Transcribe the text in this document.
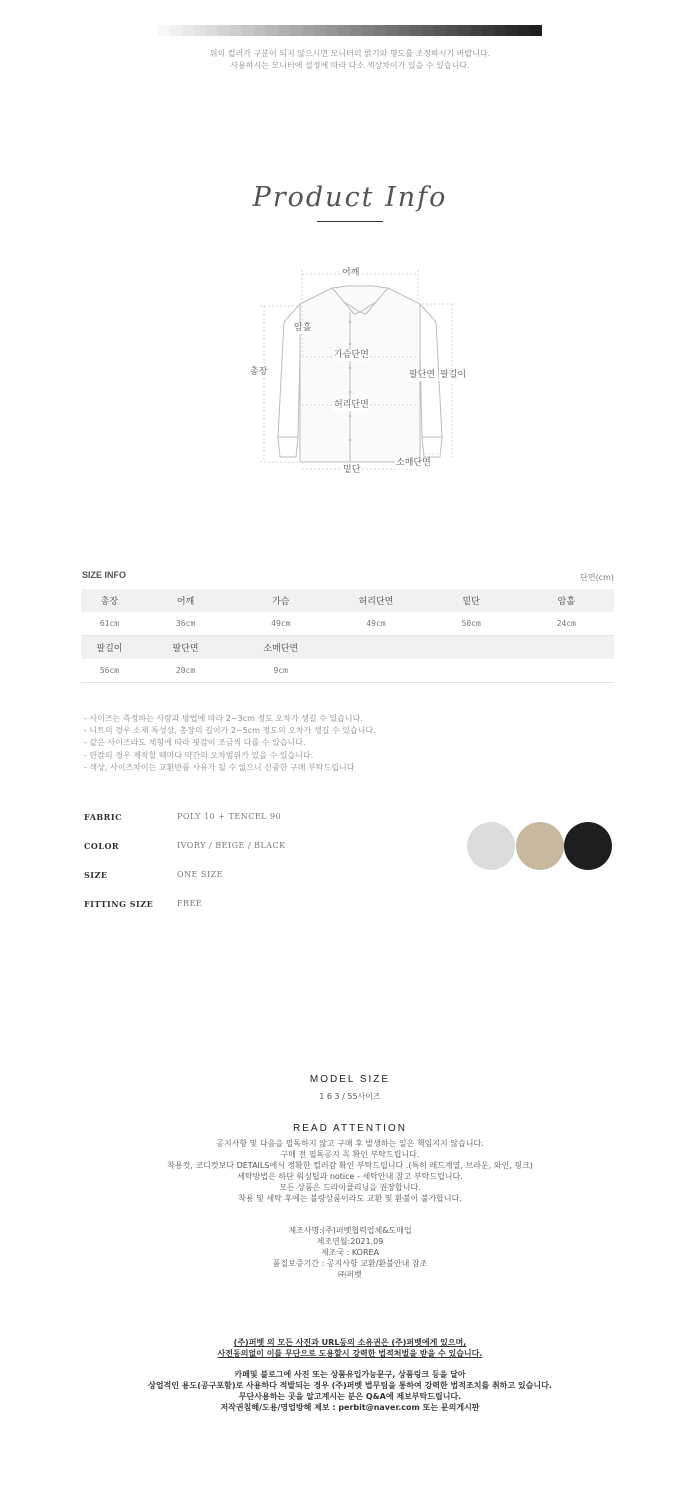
위의 컬러가 구분이 되지 않으시면 모니터의 밝기와 명도를 조정하시기 바랍니다.
사용하시는 모니터에 설정에 따라 다소 색상차이가 있을 수 있습니다.
Product Info
어깨
암홀
총장
가슴단면
팔단면 팔길이
허리단면
소매단면
밑단
SIZE INFO	단면(cm)
총장	어깨	가슴	허리단면	밑단	암홀
61cm	36cm	49cm	49cm	50cm	24cm
팔길이	팔단면	소매단면
56cm	20cm	9cm
- 사이즈는 측정하는 사람과 방법에 따라 2~3cm 정도 오차가 생길 수 있습니다.
- 니트의 경우 소재 특성상, 총장의 길이가 2~5cm 정도의 오차가 생길 수 있습니다.
- 같은 사이즈라도 체형에 따라 핏감이 조금씩 다를 수 있습니다.
- 안감의 경우 제작할 때마다 약간의 오차범위가 있을 수 있습니다.
- 색상, 사이즈차이는 교환반품 사유가 될 수 없으니 신중한 구매 부탁드립니다
FABRIC	POLY 10 + TENCEL 90
COLOR	IVORY / BEIGE / BLACK
SIZE	ONE SIZE
FITTING SIZE	FREE
MODEL SIZE
1 6 3 / 55사이즈
READ ATTENTION
공지사항 및 다음을 필독하지 않고 구매 후 발생하는 일은 책임지지 않습니다.
구매 전 필독공지 꼭 확인 부탁드립니다.
착용컷, 코디컷보다 DETAILS에서 정확한 컬러감 확인 부탁드립니다 .(특히 레드계열, 브라운, 와인, 핑크)
세탁방법은 하단 워싱팁과 notice - 세탁안내 참고 부탁드립니다.
모든 상품은 드라이클리닝을 권장합니다.
착용 및 세탁 후에는 불량상품이라도 교환 및 환불이 불가합니다.
제조사명:(주)퍼벳협력업체&도매업
제조연월:2021.09
제조국 : KOREA
품질보증기간 : 공지사항 교환/환불안내 참조
㈜퍼벳
(주)퍼벳 의 모든 사진과 URL등의 소유권은 (주)퍼벳에게 있으며,
사전동의없이 이를 무단으로 도용할시 강력한 법적처벌을 받을 수 있습니다.
카페및 블로그에 사진 또는 상품유입가능문구, 상품링크 등을 달아
상업적인 용도(공구포함)로 사용하다 적발되는 경우 (주)퍼벳 법무팀을 통하여 강력한 법적조치를 취하고 있습니다.
무단사용하는 곳을 알고계시는 분은 Q&A에 제보부탁드립니다.
저작권침해/도용/영업방해 제보 : perbit@naver.com 또는 문의게시판
